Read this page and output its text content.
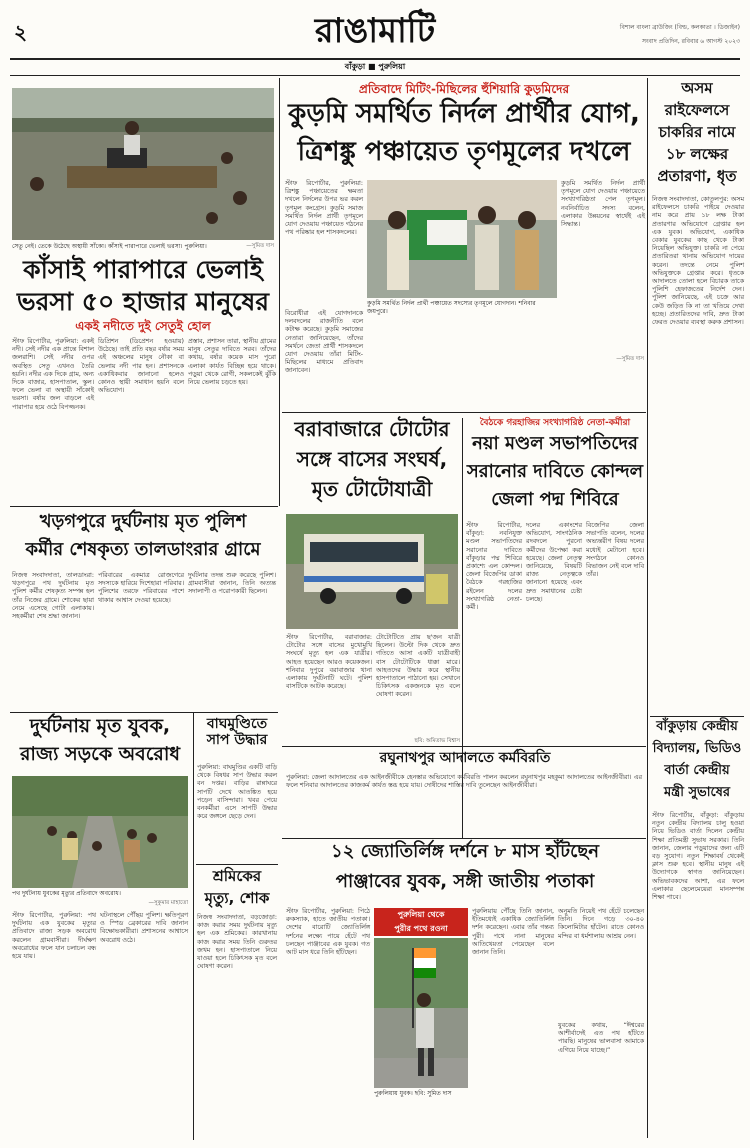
২	রাঙামাটি	বিশাল বাংলা ব্রাউজিং (বিল্ড, কলকাতা । ডিজাইন)
সংবাদ প্রতিদিন, রবিবার ৬ আগস্ট ২০২৩
বাঁকুড়া ■ পুরুলিয়া
সেতু নেই। তেকে উঠেছে অস্থায়ী সাঁকো। কাঁসাই পারাপারে ভেলাই ভরসা। পুরুলিয়া।	—সুমিত দাস
কাঁসাই পারাপারে ভেলাই
ভরসা ৫০ হাজার মানুষের
একই নদীতে দুই সেতুই হোল
স্টাফ রিপোর্টার, পুরুলিয়া: একই নদী। সেই নদীর এক প্রান্তে বিশাল জলরাশি। সেই নদীর ওপর অবস্থিত সেতু এখনও তৈরি হয়নি। নদীর এক দিকে গ্রাম, অন্য দিকে বাজার, হাসপাতাল, স্কুল। ফলে ভেলা বা অস্থায়ী সাঁকোই ভরসা। বর্ষায় জল বাড়লে এই পারাপার হয়ে ওঠে বিপজ্জনক।
ডিপ্রিশন (ডিপ্রেশন হওয়ায়) উঠেছে। তাই প্রতি বছর বর্ষার সময় এই অঞ্চলের মানুষ নৌকা বা ভেলায় নদী পার হন। প্রশাসনকে একাধিকবার জানানো হলেও কোনও স্থায়ী সমাধান হয়নি বলে অভিযোগ।
প্রস্তাব, প্রশাসন তারা, স্থানীয় গ্রামের মানুষ সেতুর দাবিতে সরব। তাঁদের কথায়, বর্ষার কয়েক মাস পুরো এলাকা কার্যত বিচ্ছিন্ন হয়ে থাকে। পড়ুয়া থেকে রোগী, সকলকেই ঝুঁকি নিয়ে ভেলায় চড়তে হয়।
প্রতিবাদে মিটিং-মিছিলের হুঁশিয়ারি কুড়মিদের
কুড়মি সমর্থিত নির্দল প্রার্থীর যোগ,
ত্রিশঙ্কু পঞ্চায়েত তৃণমূলের দখলে
স্টাফ রিপোর্টার, পুরুলিয়া: ত্রিশঙ্কু পঞ্চায়েতের ক্ষমতা দখলে নির্দলের উপর ভর করল তৃণমূল কংগ্রেস। কুড়মি সমাজ সমর্থিত নির্দল প্রার্থী তৃণমূলে যোগ দেওয়ায় পঞ্চায়েত গঠনের পথ পরিষ্কার হল শাসকদলের।
বিরোধীরা এই যোগদানকে দলবদলের রাজনীতি বলে কটাক্ষ করেছে। কুড়মি সমাজের নেতারা জানিয়েছেন, তাঁদের সমর্থনে জেতা প্রার্থী শাসকদলে যোগ দেওয়ায় তাঁরা মিটিং-মিছিলের মাধ্যমে প্রতিবাদ জানাবেন।
কুড়মি সমর্থিত নির্দল প্রার্থী পঞ্চায়েত সদস্যের তৃণমূলে যোগদান। শনিবার জয়পুরে।
কুড়মি সমর্থিত নির্দল প্রার্থী তৃণমূলে যোগ দেওয়ায় পঞ্চায়েতে সংখ্যাগরিষ্ঠতা পেল তৃণমূল। নবনির্বাচিত সদস্য বলেন, এলাকার উন্নয়নের স্বার্থেই এই সিদ্ধান্ত।
—সুমিত দাস
বরাবাজারে টোটোর
সঙ্গে বাসের সংঘর্ষ,
মৃত টোটোযাত্রী
স্টাফ রিপোর্টার, বরাবাজার: টোটোর সঙ্গে বাসের মুখোমুখি সংঘর্ষে মৃত্যু হল এক যাত্রীর। আহত হয়েছেন আরও কয়েকজন। শনিবার দুপুরে বরাবাজার থানা এলাকায় দুর্ঘটনাটি ঘটে। পুলিশ বাসটিকে আটক করেছে।
টোটোটিতে প্রায় ছ'জন যাত্রী ছিলেন। উল্টো দিক থেকে দ্রুত গতিতে আসা একটি যাত্রীবাহী বাস টোটোটিকে ধাক্কা মারে। আহতদের উদ্ধার করে স্থানীয় হাসপাতালে পাঠানো হয়। সেখানে চিকিৎসক একজনকে মৃত বলে ঘোষণা করেন।
ছবি: অমিতাভ বিশ্বাস
বৈঠকে গরহাজির সংখ্যাগরিষ্ঠ নেতা-কর্মীরা
নয়া মণ্ডল সভাপতিদের
সরানোর দাবিতে কোন্দল
জেলা পদ্ম শিবিরে
স্টাফ রিপোর্টার, বাঁকুড়া: নবনিযুক্ত মণ্ডল সভাপতিদের সরানোর দাবিতে বাঁকুড়ার পদ্ম শিবিরে প্রকাশ্যে এল কোন্দল। জেলা বিজেপির ডাকা বৈঠকে গরহাজির রইলেন দলের সংখ্যাগরিষ্ঠ নেতা-কর্মী।
দলের একাংশের অভিযোগ, সাংগঠনিক রদবদলে পুরনো কর্মীদের উপেক্ষা করা হয়েছে। জেলা নেতৃত্ব জানিয়েছে, বিষয়টি রাজ্য নেতৃত্বকে জানানো হয়েছে এবং দ্রুত সমাধানের চেষ্টা চলছে।
বিজেপির জেলা সভাপতি বলেন, দলের অভ্যন্তরীণ বিষয় দলের মধ্যেই মেটানো হবে। সংগঠনে কোনও বিভাজন নেই বলে দাবি তাঁর।
রঘুনাথপুর আদালতে কর্মবিরতি
পুরুলিয়া: জেলা আদালতের এক আইনজীবীকে হেনস্তার অভিযোগে কর্মবিরতি পালন করলেন রঘুনাথপুর মহকুমা আদালতের আইনজীবীরা। এর ফলে শনিবার আদালতের কাজকর্ম কার্যত স্তব্ধ হয়ে যায়। দোষীদের শাস্তির দাবি তুলেছেন আইনজীবীরা।
খড়গপুরে দুর্ঘটনায় মৃত পুলিশ
কর্মীর শেষকৃত্য তালডাংরার গ্রামে
নিজস্ব সংবাদদাতা, তালডাংরা: খড়গপুরে পথ দুর্ঘটনায় মৃত পুলিশ কর্মীর শেষকৃত্য সম্পন্ন হল তাঁর নিজের গ্রামে। শোকের ছায়া নেমে এসেছে গোটা এলাকায়। সহকর্মীরা শেষ শ্রদ্ধা জানান।
পরিবারের একমাত্র রোজগেরে সদস্যকে হারিয়ে দিশেহারা পরিবার। পুলিশের তরফে পরিবারের পাশে থাকার আশ্বাস দেওয়া হয়েছে।
দুর্ঘটনার তদন্ত শুরু করেছে পুলিশ। গ্রামবাসীরা জানান, তিনি অত্যন্ত সদালাপী ও পরোপকারী ছিলেন।
দুর্ঘটনায় মৃত যুবক,
রাজ্য সড়কে অবরোধ
পথ দুর্ঘটনায় যুবকের মৃত্যুর প্রতিবাদে অবরোধ।
—সুকুমার মাহাতো
স্টাফ রিপোর্টার, পুরুলিয়া: পথ দুর্ঘটনায় এক যুবকের মৃত্যুর প্রতিবাদে রাজ্য সড়ক অবরোধ করলেন গ্রামবাসীরা। দীর্ঘক্ষণ অবরোধের ফলে যান চলাচল বন্ধ হয়ে যায়।
ঘটনাস্থলে পৌঁছয় পুলিশ। ক্ষতিপূরণ ও স্পিড ব্রেকারের দাবি জানান বিক্ষোভকারীরা। প্রশাসনের আশ্বাসে অবরোধ ওঠে।
বাঘমুণ্ডিতে সাপ উদ্ধার
পুরুলিয়া: বাঘমুণ্ডির একটি বাড়ি থেকে বিষধর সাপ উদ্ধার করল বন দপ্তর। বাড়ির রান্নাঘরে সাপটি দেখে আতঙ্কিত হয়ে পড়েন বাসিন্দারা। খবর পেয়ে বনকর্মীরা এসে সাপটি উদ্ধার করে জঙ্গলে ছেড়ে দেন।
শ্রমিকের
মৃত্যু, শোক
নিজস্ব সংবাদদাতা, বড়জোড়া: কাজ করার সময় দুর্ঘটনায় মৃত্যু হল এক শ্রমিকের। কারখানায় কাজ করার সময় তিনি গুরুতর জখম হন। হাসপাতালে নিয়ে যাওয়া হলে চিকিৎসক মৃত বলে ঘোষণা করেন।
১২ জ্যোতির্লিঙ্গ দর্শনে ৮ মাস হাঁটছেন
পাঞ্জাবের যুবক, সঙ্গী জাতীয় পতাকা
স্টাফ রিপোর্টার, পুরুলিয়া: পিঠে রুকস্যাক, হাতে জাতীয় পতাকা। দেশের বারোটি জ্যোতির্লিঙ্গ দর্শনের লক্ষ্যে পায়ে হেঁটে পথ চলছেন পাঞ্জাবের এক যুবক। গত আট মাস ধরে তিনি হাঁটছেন।
পুরুলিয়া থেকে
পুরীর পথে রওনা
পুরুলিয়ায় যুবক। ছবি: সুমিত দাস
পুরুলিয়ায় পৌঁছে তিনি জানান, ইতিমধ্যেই একাধিক জ্যোতির্লিঙ্গ দর্শন করেছেন। এবার তাঁর গন্তব্য পুরী। পথে নানা মানুষের আতিথেয়তা পেয়েছেন বলে জানান তিনি।
অনুমতি নিয়েই পথ হেঁটে চলেছেন তিনি। দিনে গড়ে ৩০-৪০ কিলোমিটার হাঁটেন। রাতে কোনও মন্দির বা ধর্মশালায় আশ্রয় নেন।
যুবকের কথায়, “ঈশ্বরের আশীর্বাদেই এত পথ হাঁটতে পারছি। মানুষের ভালবাসা আমাকে এগিয়ে নিয়ে যাচ্ছে।”
অসম
রাইফেলসে
চাকরির নামে
১৮ লক্ষের
প্রতারণা, ধৃত
নিজস্ব সংবাদদাতা, কোতুলপুর: অসম রাইফেলসে চাকরি পাইয়ে দেওয়ার নাম করে প্রায় ১৮ লক্ষ টাকা প্রতারণার অভিযোগে গ্রেপ্তার হল এক যুবক। অভিযোগ, একাধিক বেকার যুবকের কাছ থেকে টাকা নিয়েছিল অভিযুক্ত। চাকরি না পেয়ে প্রতারিতরা থানায় অভিযোগ দায়ের করেন। তদন্তে নেমে পুলিশ অভিযুক্তকে গ্রেপ্তার করে। ধৃতকে আদালতে তোলা হলে বিচারক তাকে পুলিশি হেফাজতের নির্দেশ দেন। পুলিশ জানিয়েছে, এই চক্রে আর কেউ জড়িত কি না তা খতিয়ে দেখা হচ্ছে। প্রতারিতদের দাবি, দ্রুত টাকা ফেরত দেওয়ার ব্যবস্থা করুক প্রশাসন।
বাঁকুড়ায় কেন্দ্রীয়
বিদ্যালয়, ভিডিও
বার্তা কেন্দ্রীয়
মন্ত্রী সুভাষের
স্টাফ রিপোর্টার, বাঁকুড়া: বাঁকুড়ায় নতুন কেন্দ্রীয় বিদ্যালয় চালু হওয়া নিয়ে ভিডিও বার্তা দিলেন কেন্দ্রীয় শিক্ষা প্রতিমন্ত্রী সুভাষ সরকার। তিনি জানান, জেলার পড়ুয়াদের জন্য এটি বড় সুযোগ। নতুন শিক্ষাবর্ষ থেকেই ক্লাস শুরু হবে। স্থানীয় মানুষ এই উদ্যোগকে স্বাগত জানিয়েছেন। অভিভাবকদের আশা, এর ফলে এলাকার ছেলেমেয়েরা মানসম্পন্ন শিক্ষা পাবে।
